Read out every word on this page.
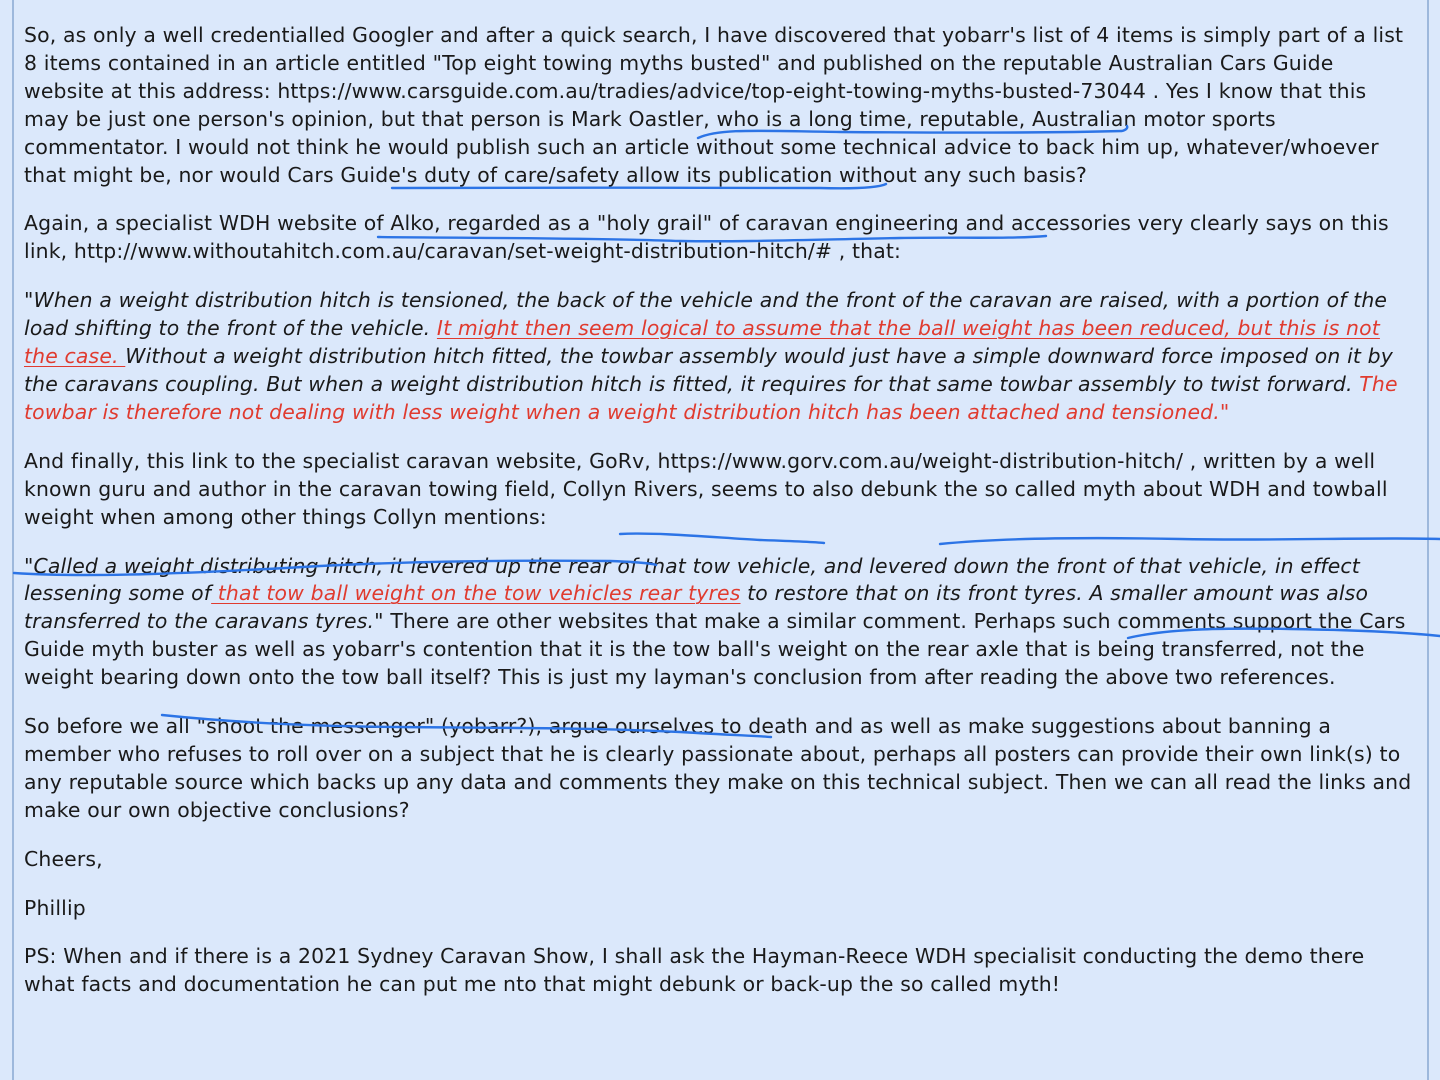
So, as only a well credentialled Googler and after a quick search, I have discovered that yobarr's list of 4 items is simply part of a list 8 items contained in an article entitled "Top eight towing myths busted" and published on the reputable Australian Cars Guide website at this address: https://www.carsguide.com.au/tradies/advice/top-eight-towing-myths-busted-73044 . Yes I know that this may be just one person's opinion, but that person is Mark Oastler, who is a long time, reputable, Australian motor sports commentator. I would not think he would publish such an article without some technical advice to back him up, whatever/whoever that might be, nor would Cars Guide's duty of care/safety allow its publication without any such basis?

Again, a specialist WDH website of Alko, regarded as a "holy grail" of caravan engineering and accessories very clearly says on this link, http://www.withoutahitch.com.au/caravan/set-weight-distribution-hitch/# , that:

"When a weight distribution hitch is tensioned, the back of the vehicle and the front of the caravan are raised, with a portion of the load shifting to the front of the vehicle. It might then seem logical to assume that the ball weight has been reduced, but this is not the case. Without a weight distribution hitch fitted, the towbar assembly would just have a simple downward force imposed on it by the caravans coupling. But when a weight distribution hitch is fitted, it requires for that same towbar assembly to twist forward. The towbar is therefore not dealing with less weight when a weight distribution hitch has been attached and tensioned."

And finally, this link to the specialist caravan website, GoRv, https://www.gorv.com.au/weight-distribution-hitch/ , written by a well known guru and author in the caravan towing field, Collyn Rivers, seems to also debunk the so called myth about WDH and towball weight when among other things Collyn mentions:

"Called a weight distributing hitch, it levered up the rear of that tow vehicle, and levered down the front of that vehicle, in effect lessening some of that tow ball weight on the tow vehicles rear tyres to restore that on its front tyres. A smaller amount was also transferred to the caravans tyres." There are other websites that make a similar comment. Perhaps such comments support the Cars Guide myth buster as well as yobarr's contention that it is the tow ball's weight on the rear axle that is being transferred, not the weight bearing down onto the tow ball itself? This is just my layman's conclusion from after reading the above two references.

So before we all "shoot the messenger" (yobarr?), argue ourselves to death and as well as make suggestions about banning a member who refuses to roll over on a subject that he is clearly passionate about, perhaps all posters can provide their own link(s) to any reputable source which backs up any data and comments they make on this technical subject. Then we can all read the links and make our own objective conclusions?

Cheers,

Phillip

PS: When and if there is a 2021 Sydney Caravan Show, I shall ask the Hayman-Reece WDH specialisit conducting the demo there what facts and documentation he can put me nto that might debunk or back-up the so called myth!
